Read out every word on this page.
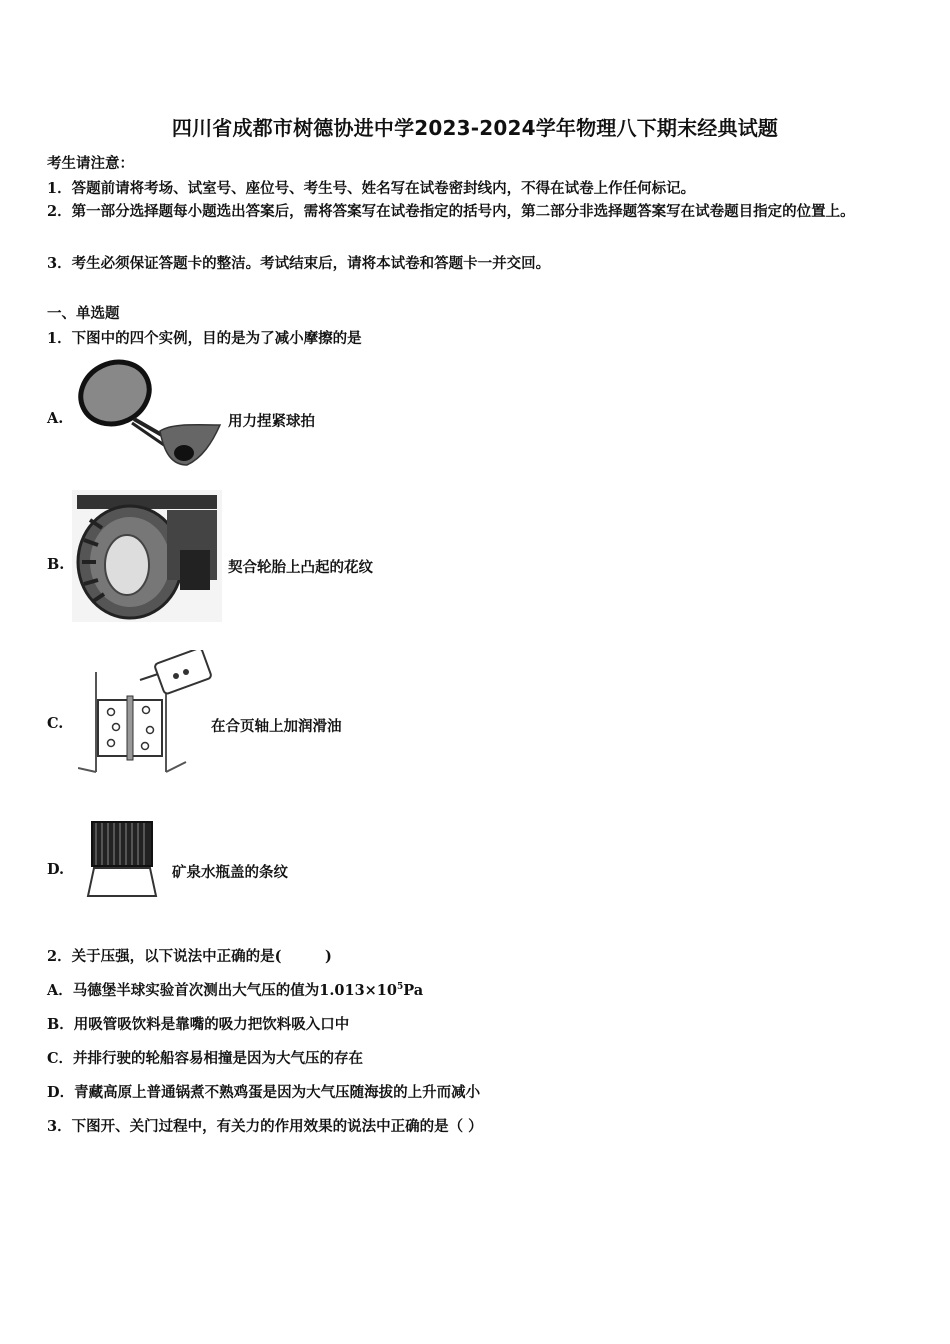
四川省成都市树德协进中学2023-2024学年物理八下期末经典试题
考生请注意：
1．答题前请将考场、试室号、座位号、考生号、姓名写在试卷密封线内，不得在试卷上作任何标记。
2．第一部分选择题每小题选出答案后，需将答案写在试卷指定的括号内，第二部分非选择题答案写在试卷题目指定的位置上。
3．考生必须保证答题卡的整洁。考试结束后，请将本试卷和答题卡一并交回。
一、单选题
1．下图中的四个实例，目的是为了减小摩擦的是
A.	用力捏紧球拍
B.	契合轮胎上凸起的花纹
C.	在合页轴上加润滑油
D.	矿泉水瓶盖的条纹
2．关于压强，以下说法中正确的是(　　　)
A．马德堡半球实验首次测出大气压的值为$1.013\times 10^5Pa$
B．用吸管吸饮料是靠嘴的吸力把饮料吸入口中
C．并排行驶的轮船容易相撞是因为大气压的存在
D．青藏高原上普通锅煮不熟鸡蛋是因为大气压随海拔的上升而减小
3．下图开、关门过程中，有关力的作用效果的说法中正确的是（ ）
